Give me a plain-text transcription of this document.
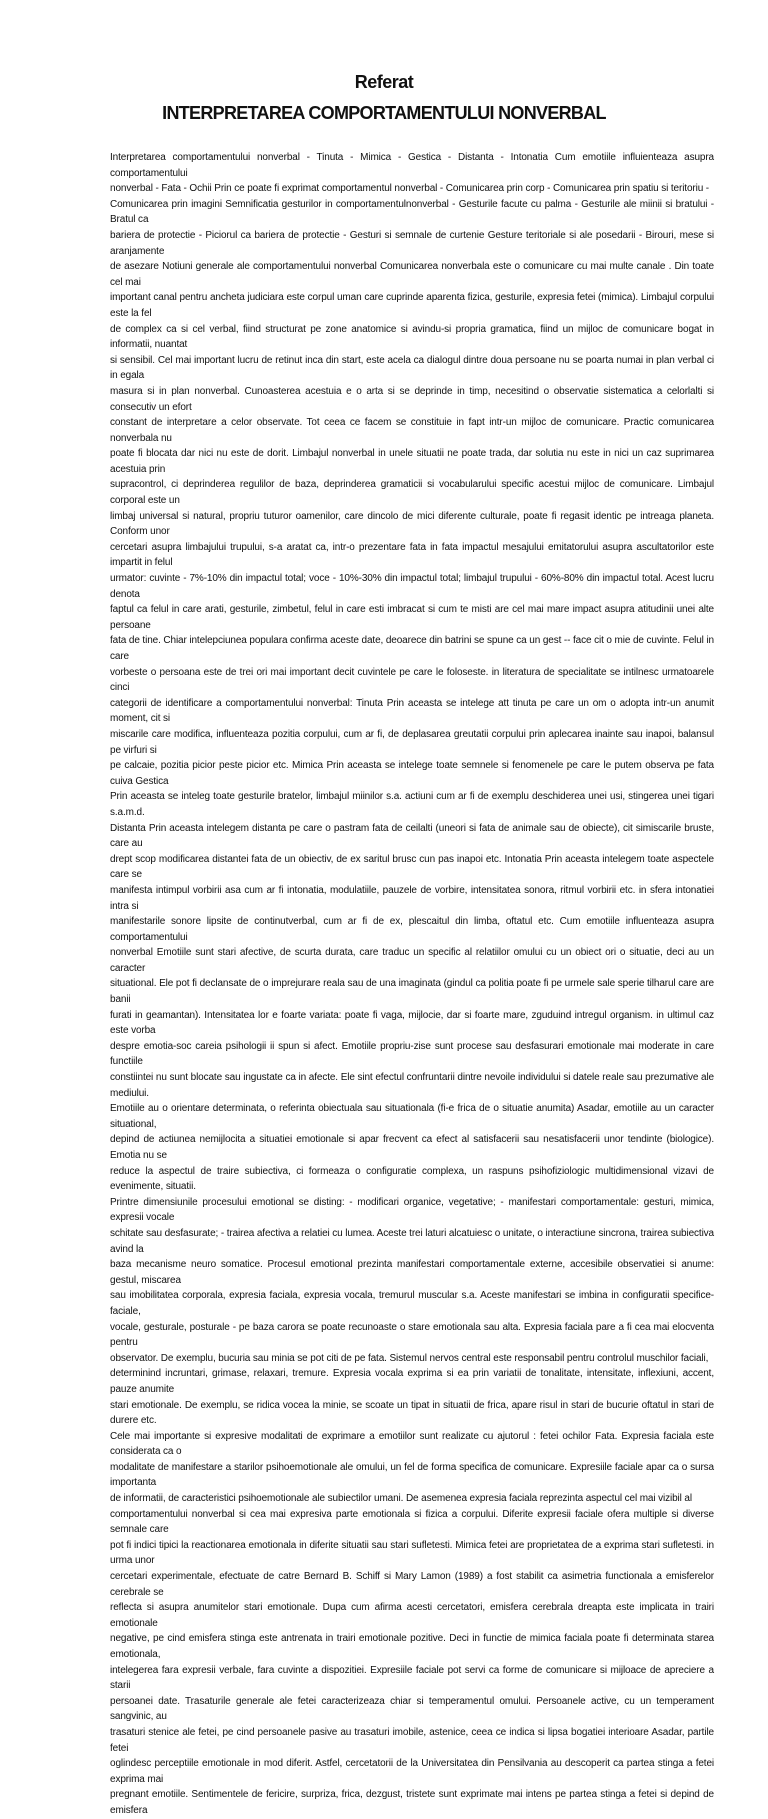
Referat
INTERPRETAREA COMPORTAMENTULUI NONVERBAL
Interpretarea comportamentului nonverbal - Tinuta - Mimica - Gestica - Distanta - Intonatia Cum emotiile influienteaza asupra comportamentului
nonverbal - Fata - Ochii Prin ce poate fi exprimat comportamentul nonverbal - Comunicarea prin corp - Comunicarea prin spatiu si teritoriu -
Comunicarea prin imagini Semnificatia gesturilor in comportamentulnonverbal - Gesturile facute cu palma - Gesturile ale miinii si bratului - Bratul ca
bariera de protectie - Piciorul ca bariera de protectie - Gesturi si semnale de curtenie Gesture teritoriale si ale posedarii - Birouri, mese si aranjamente
de asezare Notiuni generale ale comportamentului nonverbal Comunicarea nonverbala este o comunicare cu mai multe canale . Din toate cel mai
important canal pentru ancheta judiciara este corpul uman care cuprinde aparenta fizica, gesturile, expresia fetei (mimica). Limbajul corpului este la fel
de complex ca si cel verbal, fiind structurat pe zone anatomice si avindu-si propria gramatica, fiind un mijloc de comunicare bogat in informatii, nuantat
si sensibil. Cel mai important lucru de retinut inca din start, este acela ca dialogul dintre doua persoane nu se poarta numai in plan verbal ci in egala
masura si in plan nonverbal. Cunoasterea acestuia e o arta si se deprinde in timp, necesitind o observatie sistematica a celorlalti si consecutiv un efort
constant de interpretare a celor observate. Tot ceea ce facem se constituie in fapt intr-un mijloc de comunicare. Practic comunicarea nonverbala nu
poate fi blocata dar nici nu este de dorit. Limbajul nonverbal in unele situatii ne poate trada, dar solutia nu este in nici un caz suprimarea acestuia prin
supracontrol, ci deprinderea regulilor de baza, deprinderea gramaticii si vocabularului specific acestui mijloc de comunicare. Limbajul corporal este un
limbaj universal si natural, propriu tuturor oamenilor, care dincolo de mici diferente culturale, poate fi regasit identic pe intreaga planeta. Conform unor
cercetari asupra limbajului trupului, s-a aratat ca, intr-o prezentare fata in fata impactul mesajului emitatorului asupra ascultatorilor este impartit in felul
urmator: cuvinte - 7%-10% din impactul total; voce - 10%-30% din impactul total; limbajul trupului - 60%-80% din impactul total. Acest lucru denota
faptul ca felul in care arati, gesturile, zimbetul, felul in care esti imbracat si cum te misti are cel mai mare impact asupra atitudinii unei alte persoane
fata de tine. Chiar intelepciunea populara confirma aceste date, deoarece din batrini se spune ca un gest -- face cit o mie de cuvinte. Felul in care
vorbeste o persoana este de trei ori mai important decit cuvintele pe care le foloseste. in literatura de specialitate se intilnesc urmatoarele cinci
categorii de identificare a comportamentului nonverbal: Tinuta Prin aceasta se intelege att tinuta pe care un om o adopta intr-un anumit moment, cit si
miscarile care modifica, influenteaza pozitia corpului, cum ar fi, de deplasarea greutatii corpului prin aplecarea inainte sau inapoi, balansul pe virfuri si
pe calcaie, pozitia picior peste picior etc. Mimica Prin aceasta se intelege toate semnele si fenomenele pe care le putem observa pe fata cuiva Gestica
Prin aceasta se inteleg toate gesturile bratelor, limbajul miinilor s.a. actiuni cum ar fi de exemplu deschiderea unei usi, stingerea unei tigari s.a.m.d.
Distanta Prin aceasta intelegem distanta pe care o pastram fata de ceilalti (uneori si fata de animale sau de obiecte), cit simiscarile bruste, care au
drept scop modificarea distantei fata de un obiectiv, de ex saritul brusc cun pas inapoi etc. Intonatia Prin aceasta intelegem toate aspectele care se
manifesta intimpul vorbirii asa cum ar fi intonatia, modulatiile, pauzele de vorbire, intensitatea sonora, ritmul vorbirii etc. in sfera intonatiei intra si
manifestarile sonore lipsite de continutverbal, cum ar fi de ex, plescaitul din limba, oftatul etc. Cum emotiile influenteaza asupra comportamentului
nonverbal Emotiile sunt stari afective, de scurta durata, care traduc un specific al relatiilor omului cu un obiect ori o situatie, deci au un caracter
situational. Ele pot fi declansate de o imprejurare reala sau de una imaginata (gindul ca politia poate fi pe urmele sale sperie tilharul care are banii
furati in geamantan). Intensitatea lor e foarte variata: poate fi vaga, mijlocie, dar si foarte mare, zguduind intregul organism. in ultimul caz este vorba
despre emotia-soc careia psihologii ii spun si afect. Emotiile propriu-zise sunt procese sau desfasurari emotionale mai moderate in care functiile
constiintei nu sunt blocate sau ingustate ca in afecte. Ele sint efectul confruntarii dintre nevoile individului si datele reale sau prezumative ale mediului.
Emotiile au o orientare determinata, o referinta obiectuala sau situationala (fi-e frica de o situatie anumita) Asadar, emotiile au un caracter situational,
depind de actiunea nemijlocita a situatiei emotionale si apar frecvent ca efect al satisfacerii sau nesatisfacerii unor tendinte (biologice). Emotia nu se
reduce la aspectul de traire subiectiva, ci formeaza o configuratie complexa, un raspuns psihofiziologic multidimensional vizavi de evenimente, situatii.
Printre dimensiunile procesului emotional se disting: - modificari organice, vegetative; - manifestari comportamentale: gesturi, mimica, expresii vocale
schitate sau desfasurate; - trairea afectiva a relatiei cu lumea. Aceste trei laturi alcatuiesc o unitate, o interactiune sincrona, trairea subiectiva avind la
baza mecanisme neuro somatice. Procesul emotional prezinta manifestari comportamentale externe, accesibile observatiei si anume: gestul, miscarea
sau imobilitatea corporala, expresia faciala, expresia vocala, tremurul muscular s.a. Aceste manifestari se imbina in configuratii specifice-faciale,
vocale, gesturale, posturale - pe baza carora se poate recunoaste o stare emotionala sau alta. Expresia faciala pare a fi cea mai elocventa pentru
observator. De exemplu, bucuria sau minia se pot citi de pe fata. Sistemul nervos central este responsabil pentru controlul muschilor faciali,
determinind incruntari, grimase, relaxari, tremure. Expresia vocala exprima si ea prin variatii de tonalitate, intensitate, inflexiuni, accent, pauze anumite
stari emotionale. De exemplu, se ridica vocea la minie, se scoate un tipat in situatii de frica, apare risul in stari de bucurie oftatul in stari de durere etc.
Cele mai importante si expresive modalitati de exprimare a emotiilor sunt realizate cu ajutorul : fetei ochilor Fata. Expresia faciala este considerata ca o
modalitate de manifestare a starilor psihoemotionale ale omului, un fel de forma specifica de comunicare. Expresiile faciale apar ca o sursa importanta
de informatii, de caracteristici psihoemotionale ale subiectilor umani. De asemenea expresia faciala reprezinta aspectul cel mai vizibil al
comportamentului nonverbal si cea mai expresiva parte emotionala si fizica a corpului. Diferite expresii faciale ofera multiple si diverse semnale care
pot fi indici tipici la reactionarea emotionala in diferite situatii sau stari sufletesti. Mimica fetei are proprietatea de a exprima stari sufletesti. in urma unor
cercetari experimentale, efectuate de catre Bernard B. Schiff si Mary Lamon (1989) a fost stabilit ca asimetria functionala a emisferelor cerebrale se
reflecta si asupra anumitelor stari emotionale. Dupa cum afirma acesti cercetatori, emisfera cerebrala dreapta este implicata in trairi emotionale
negative, pe cind emisfera stinga este antrenata in trairi emotionale pozitive. Deci in functie de mimica faciala poate fi determinata starea emotionala,
intelegerea fara expresii verbale, fara cuvinte a dispozitiei. Expresiile faciale pot servi ca forme de comunicare si mijloace de apreciere a starii
persoanei date. Trasaturile generale ale fetei caracterizeaza chiar si temperamentul omului. Persoanele active, cu un temperament sangvinic, au
trasaturi stenice ale fetei, pe cind persoanele pasive au trasaturi imobile, astenice, ceea ce indica si lipsa bogatiei interioare Asadar, partile fetei
oglindesc perceptiile emotionale in mod diferit. Astfel, cercetatorii de la Universitatea din Pensilvania au descoperit ca partea stinga a fetei exprima mai
pregnant emotiile. Sentimentele de fericire, surpriza, frica, dezgust, tristete sunt exprimate mai intens pe partea stinga a fetei si depind de emisfera
